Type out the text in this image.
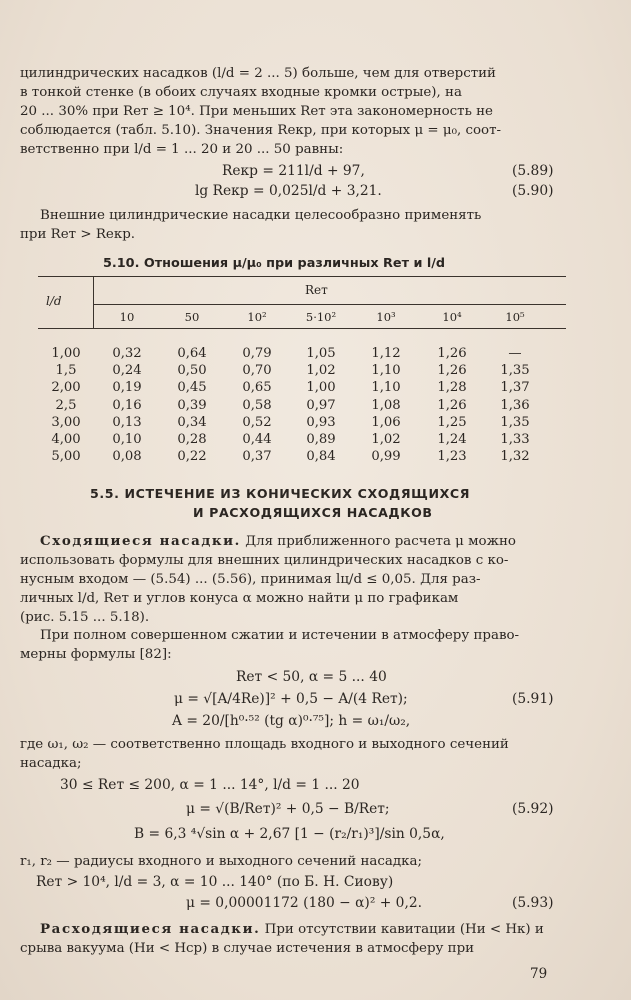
цилиндрических насадков (l/d = 2 ... 5) больше, чем для отверстий
в тонкой стенке (в обоих случаях входные кромки острые), на
20 ... 30% при Reт ≥ 10⁴. При меньших Reт эта закономерность не
соблюдается (табл. 5.10). Значения Reкр, при которых μ = μ₀, соот-
ветственно при l/d = 1 ... 20 и 20 ... 50 равны:
Reкр = 211l/d + 97,	(5.89)
lg Reкр = 0,025l/d + 3,21.	(5.90)
Внешние цилиндрические насадки целесообразно применять
при Reт > Reкр.
5.10. Отношения μ/μ₀ при различных Reт и l/d
l/d
Reт
10	50	10²	5·10²	10³	10⁴	10⁵
1,00	0,32	0,64	0,79	1,05	1,12	1,26	—
1,5	0,24	0,50	0,70	1,02	1,10	1,26	1,35
2,00	0,19	0,45	0,65	1,00	1,10	1,28	1,37
2,5	0,16	0,39	0,58	0,97	1,08	1,26	1,36
3,00	0,13	0,34	0,52	0,93	1,06	1,25	1,35
4,00	0,10	0,28	0,44	0,89	1,02	1,24	1,33
5,00	0,08	0,22	0,37	0,84	0,99	1,23	1,32
5.5. ИСТЕЧЕНИЕ ИЗ КОНИЧЕСКИХ СХОДЯЩИХСЯ
И РАСХОДЯЩИХСЯ НАСАДКОВ
Сходящиеся насадки. Для приближенного расчета μ можно
использовать формулы для внешних цилиндрических насадков с ко-
нусным входом — (5.54) ... (5.56), принимая lц/d ≤ 0,05. Для раз-
личных l/d, Reт и углов конуса α можно найти μ по графикам
(рис. 5.15 ... 5.18).
При полном совершенном сжатии и истечении в атмосферу право-
мерны формулы [82]:
Reт < 50, α = 5 ... 40
μ = √[A/4Re)]² + 0,5 − A/(4 Reт);	(5.91)
A = 20/[h⁰·⁵² (tg α)⁰·⁷⁵]; h = ω₁/ω₂,
где ω₁, ω₂ — соответственно площадь входного и выходного сечений
насадка;
30 ≤ Reт ≤ 200, α = 1 ... 14°, l/d = 1 ... 20
μ = √(B/Reт)² + 0,5 − B/Reт;	(5.92)
B = 6,3 ⁴√sin α + 2,67 [1 − (r₂/r₁)³]/sin 0,5α,
r₁, r₂ — радиусы входного и выходного сечений насадка;
Reт > 10⁴, l/d = 3, α = 10 ... 140° (по Б. Н. Сиову)
μ = 0,00001172 (180 − α)² + 0,2.	(5.93)
Расходящиеся насадки. При отсутствии кавитации (Hи < Hк) и
срыва вакуума (Hи < Hср) в случае истечения в атмосферу при
79
